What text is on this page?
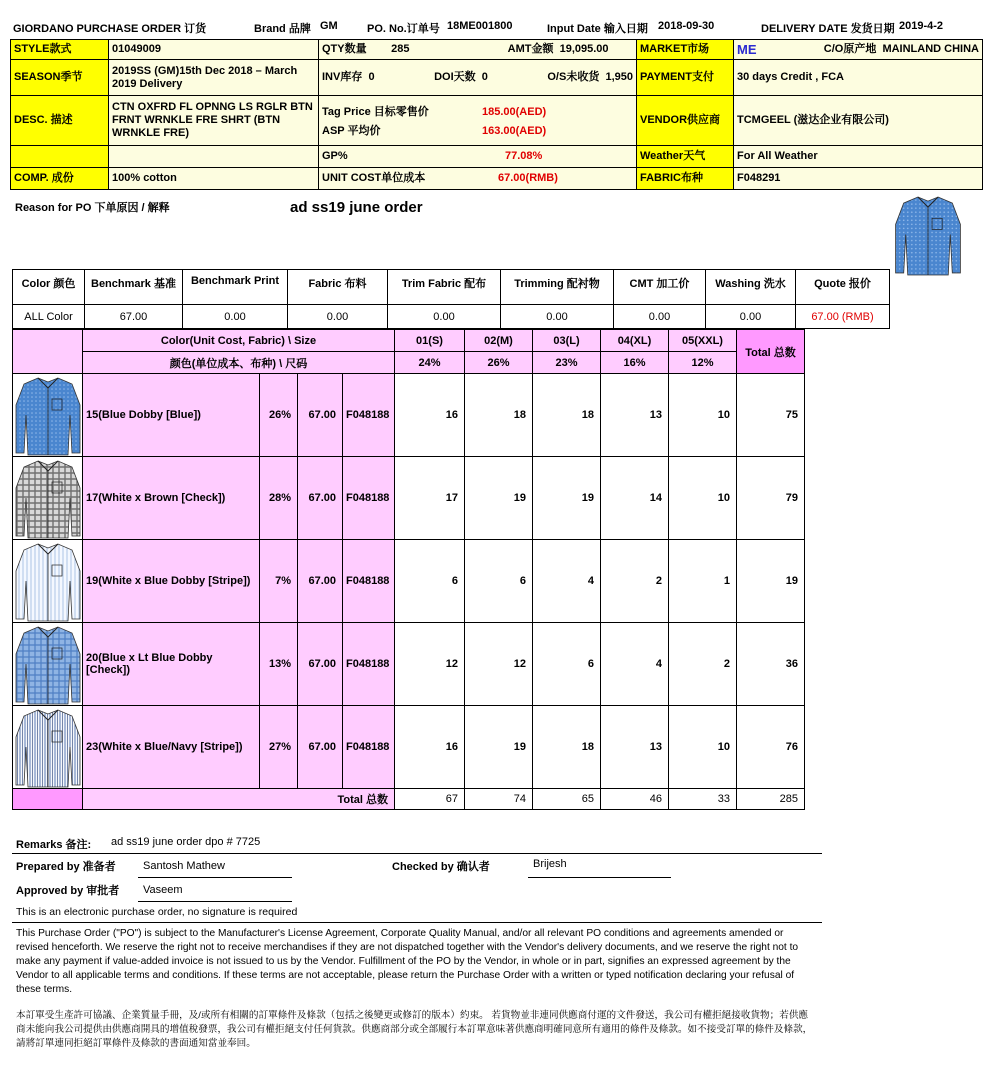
GIORDANO PURCHASE ORDER 订货	Brand 品牌 GM	PO. No.订单号 18ME001800	Input Date 输入日期 2018-09-30	DELIVERY DATE 发货日期 2019-4-2
STYLE款式	01049009	QTY数量 285 AMT金额 19,095.00	MARKET市场	ME C/O原产地 MAINLAND CHINA

SEASON季节	2019SS (GM)15th Dec 2018 – March 2019 Delivery	INV库存 0 DOI天数 0 O/S未收货 1,950	PAYMENT支付	30 days Credit , FCA
DESC. 描述	CTN OXFRD FL OPNNG LS RGLR BTN FRNT WRNKLE FRE SHRT (BTN WRNKLE FRE)	Tag Price 目标零售价 185.00(AED)
ASP 平均价 163.00(AED)	VENDOR供应商	TCMGEEL (滋达企业有限公司)

		GP% 77.08%	Weather天气	For All Weather
COMP. 成份	100% cotton	UNIT COST单位成本 67.00(RMB)	FABRIC布种	F048291
Reason for PO 下单原因 / 解释	ad ss19 june order
Color 颜色	Benchmark 基准	Benchmark Print	Fabric 布料	Trim Fabric 配布	Trimming 配衬物	CMT 加工价	Washing 洗水	Quote 报价
ALL Color	67.00	0.00	0.00	0.00	0.00	0.00	0.00	67.00 (RMB)
	Color(Unit Cost, Fabric) \ Size				01(S)	02(M)	03(L)	04(XL)	05(XXL)	Total 总数
	颜色(单位成本、布种) \ 尺码				24%	26%	23%	16%	12%	

	15(Blue Dobby [Blue])	26%	67.00	F048188	16	18	18	13	10	75

	17(White x Brown [Check])	28%	67.00	F048188	17	19	19	14	10	79

	19(White x Blue Dobby [Stripe])	7%	67.00	F048188	6	6	4	2	1	19

	20(Blue x Lt Blue Dobby [Check])	13%	67.00	F048188	12	12	6	4	2	36

	23(White x Blue/Navy [Stripe])	27%	67.00	F048188	16	19	18	13	10	76
	Total 总数				67	74	65	46	33	285
Remarks 备注: ad ss19 june order dpo # 7725
Prepared by 准备者 Santosh Mathew	Checked by 确认者	Brijesh
Approved by 审批者 Vaseem
This is an electronic purchase order, no signature is required
This Purchase Order ("PO") is subject to the Manufacturer's License Agreement, Corporate Quality Manual, and/or all relevant PO conditions and agreements amended or revised henceforth. We reserve the right not to receive merchandises if they are not dispatched together with the Vendor's delivery documents, and we reserve the right not to make any payment if value-added invoice is not issued to us by the Vendor. Fulfillment of the PO by the Vendor, in whole or in part, signifies an expressed agreement by the Vendor to all applicable terms and conditions. If these terms are not acceptable, please return the Purchase Order with a written or typed notification declaring your refusal of these terms.
本訂單受生產許可協議、企業質量手冊，及/或所有相關的訂單條件及條款（包括之後變更或修訂的版本）約束。 若貨物並非連同供應商付運的文件發送，我公司有權拒絕接收貨物；若供應商未能向我公司提供由供應商開具的增值稅發票，我公司有權拒絕支付任何貨款。供應商部分或全部履行本訂單意味著供應商明確同意所有適用的條件及條款。如不接受訂單的條件及條款，請將訂單連同拒絕訂單條件及條款的書面通知當並奉回。
